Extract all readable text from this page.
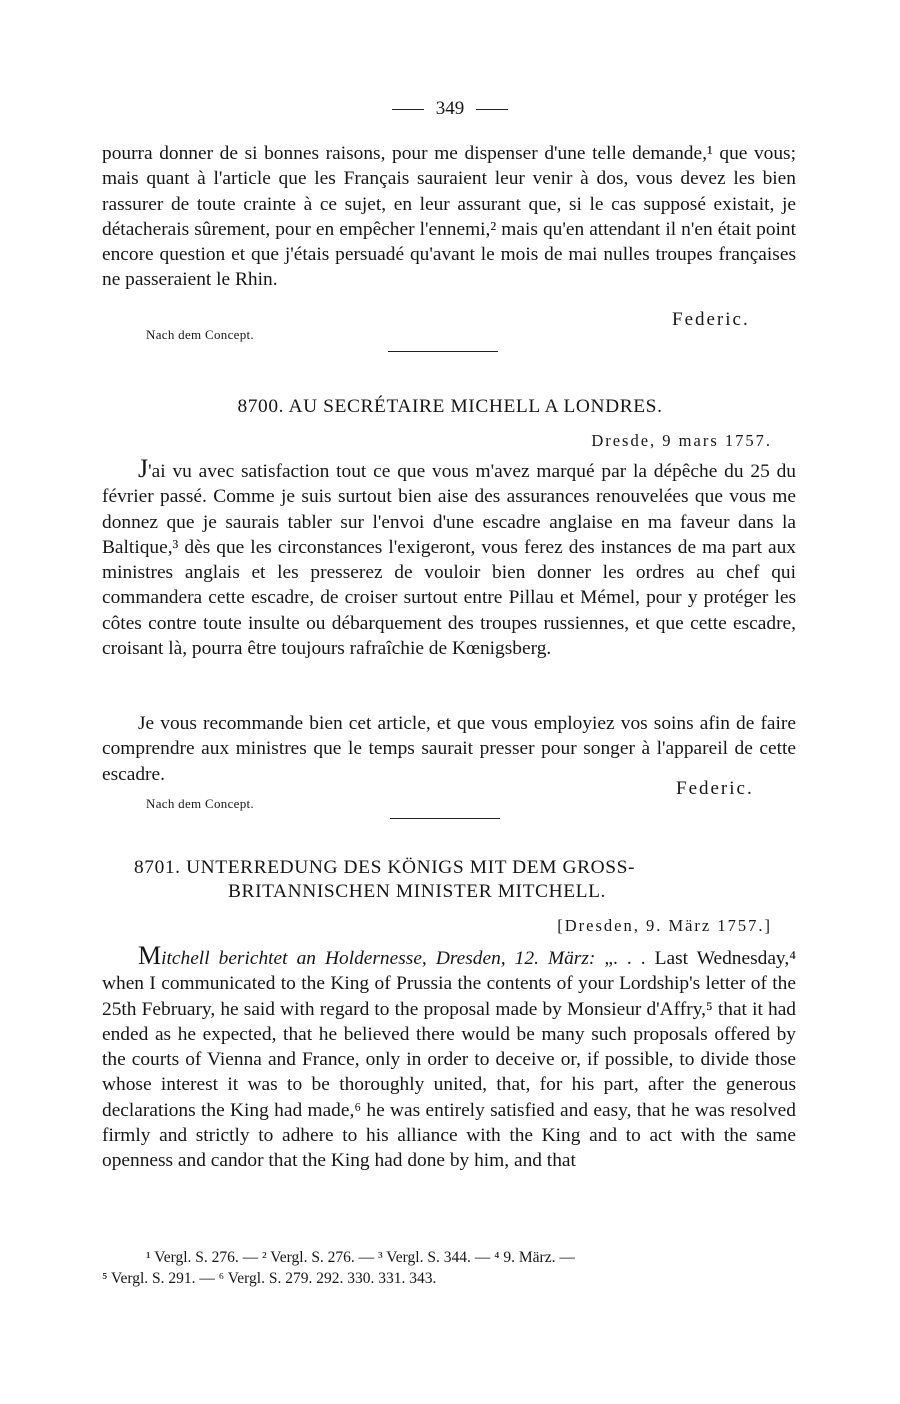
349
pourra donner de si bonnes raisons, pour me dispenser d'une telle demande,¹ que vous; mais quant à l'article que les Français sauraient leur venir à dos, vous devez les bien rassurer de toute crainte à ce sujet, en leur assurant que, si le cas supposé existait, je détacherais sûrement, pour en empêcher l'ennemi,² mais qu'en attendant il n'en était point encore question et que j'étais persuadé qu'avant le mois de mai nulles troupes françaises ne passeraient le Rhin.
Federic.
Nach dem Concept.
8700. AU SECRÉTAIRE MICHELL A LONDRES.
Dresde, 9 mars 1757.
J'ai vu avec satisfaction tout ce que vous m'avez marqué par la dépêche du 25 du février passé. Comme je suis surtout bien aise des assurances renouvelées que vous me donnez que je saurais tabler sur l'envoi d'une escadre anglaise en ma faveur dans la Baltique,³ dès que les circonstances l'exigeront, vous ferez des instances de ma part aux ministres anglais et les presserez de vouloir bien donner les ordres au chef qui commandera cette escadre, de croiser surtout entre Pillau et Mémel, pour y protéger les côtes contre toute insulte ou débarquement des troupes russiennes, et que cette escadre, croisant là, pourra être toujours rafraîchie de Kœnigsberg.
Je vous recommande bien cet article, et que vous employiez vos soins afin de faire comprendre aux ministres que le temps saurait presser pour songer à l'appareil de cette escadre.
Federic.
Nach dem Concept.
8701. UNTERREDUNG DES KÖNIGS MIT DEM GROSS-
BRITANNISCHEN MINISTER MITCHELL.
[Dresden, 9. März 1757.]
Mitchell berichtet an Holdernesse, Dresden, 12. März: „. . . Last Wednesday,⁴ when I communicated to the King of Prussia the contents of your Lordship's letter of the 25th February, he said with regard to the proposal made by Monsieur d'Affry,⁵ that it had ended as he expected, that he believed there would be many such proposals offered by the courts of Vienna and France, only in order to deceive or, if possible, to divide those whose interest it was to be thoroughly united, that, for his part, after the generous declarations the King had made,⁶ he was entirely satisfied and easy, that he was resolved firmly and strictly to adhere to his alliance with the King and to act with the same openness and candor that the King had done by him, and that
¹ Vergl. S. 276. — ² Vergl. S. 276. — ³ Vergl. S. 344. — ⁴ 9. März. —
⁵ Vergl. S. 291. — ⁶ Vergl. S. 279. 292. 330. 331. 343.
